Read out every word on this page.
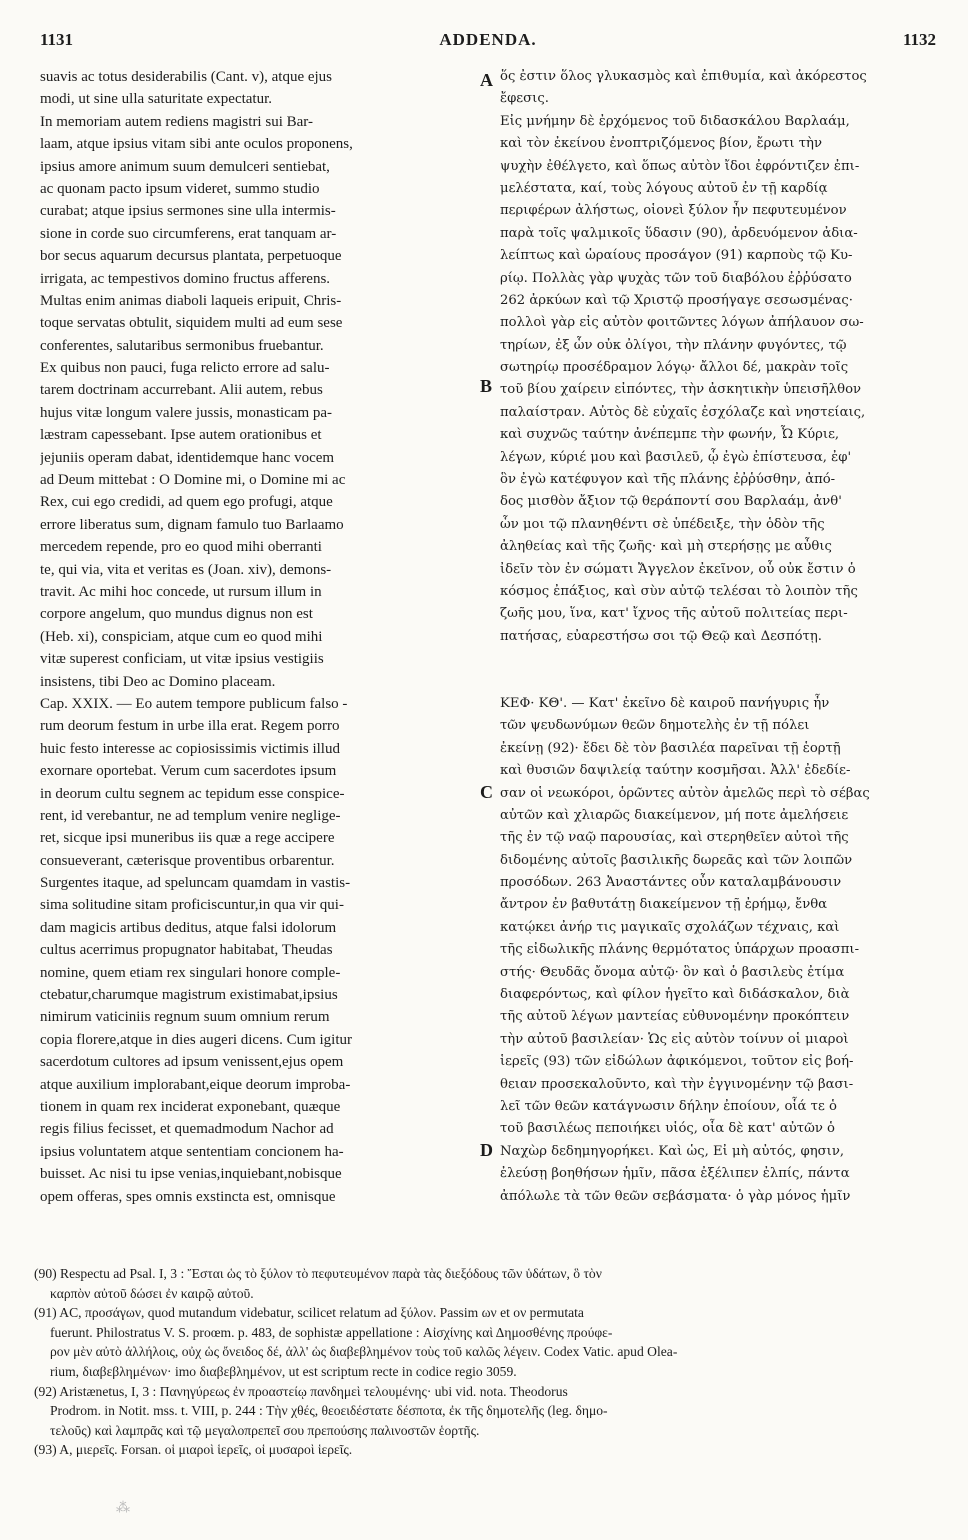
1131	ADDENDA.	1132
A
B
C
D
suavis ac totus desiderabilis (Cant. v), atque ejus
modi, ut sine ulla saturitate expectatur.
In memoriam autem rediens magistri sui Bar-
laam, atque ipsius vitam sibi ante oculos proponens,
ipsius amore animum suum demulceri sentiebat,
ac quonam pacto ipsum videret, summo studio
curabat; atque ipsius sermones sine ulla intermis-
sione in corde suo circumferens, erat tanquam ar-
bor secus aquarum decursus plantata, perpetuoque
irrigata, ac tempestivos domino fructus afferens.
Multas enim animas diaboli laqueis eripuit, Chris-
toque servatas obtulit, siquidem multi ad eum sese
conferentes, salutaribus sermonibus fruebantur.
Ex quibus non pauci, fuga relicto errore ad salu-
tarem doctrinam accurrebant. Alii autem, rebus
hujus vitæ longum valere jussis, monasticam pa-
læstram capessebant. Ipse autem orationibus et
jejuniis operam dabat, identidemque hanc vocem
ad Deum mittebat : O Domine mi, o Domine mi ac
Rex, cui ego credidi, ad quem ego profugi, atque
errore liberatus sum, dignam famulo tuo Barlaamo
mercedem repende, pro eo quod mihi oberranti
te, qui via, vita et veritas es (Joan. xiv), demons-
travit. Ac mihi hoc concede, ut rursum illum in
corpore angelum, quo mundus dignus non est
(Heb. xi), conspiciam, atque cum eo quod mihi
vitæ superest conficiam, ut vitæ ipsius vestigiis
insistens, tibi Deo ac Domino placeam.
Cap. XXIX. — Eo autem tempore publicum falso -
rum deorum festum in urbe illa erat. Regem porro
huic festo interesse ac copiosissimis victimis illud
exornare oportebat. Verum cum sacerdotes ipsum
in deorum cultu segnem ac tepidum esse conspice-
rent, id verebantur, ne ad templum venire neglige-
ret, sicque ipsi muneribus iis quæ a rege accipere
consueverant, cæterisque proventibus orbarentur.
Surgentes itaque, ad speluncam quamdam in vastis-
sima solitudine sitam proficiscuntur,in qua vir qui-
dam magicis artibus deditus, atque falsi idolorum
cultus acerrimus propugnator habitabat, Theudas
nomine, quem etiam rex singulari honore comple-
ctebatur,charumque magistrum existimabat,ipsius
nimirum vaticiniis regnum suum omnium rerum
copia florere,atque in dies augeri dicens. Cum igitur
sacerdotum cultores ad ipsum venissent,ejus opem
atque auxilium implorabant,eique deorum improba-
tionem in quam rex inciderat exponebant, quæque
regis filius fecisset, et quemadmodum Nachor ad
ipsius voluntatem atque sententiam concionem ha-
buisset. Ac nisi tu ipse venias,inquiebant,nobisque
opem offeras, spes omnis exstincta est, omnisque
ὅς ἐστιν ὅλος γλυκασμὸς καὶ ἐπιθυμία, καὶ ἀκόρεστος
ἔφεσις.
Εἰς μνήμην δὲ ἐρχόμενος τοῦ διδασκάλου Βαρλαάμ,
καὶ τὸν ἐκείνου ἐνοπτριζόμενος βίον, ἔρωτι τὴν
ψυχὴν ἐθέλγετο, καὶ ὅπως αὐτὸν ἴδοι ἐφρόντιζεν ἐπι-
μελέστατα, καί, τοὺς λόγους αὐτοῦ ἐν τῇ καρδίᾳ
περιφέρων ἀλήστως, οἱονεὶ ξύλον ἦν πεφυτευμένον
παρὰ τοῖς ψαλμικοῖς ὕδασιν (90), ἀρδευόμενον ἀδια-
λείπτως καὶ ὡραίους προσάγον (91) καρποὺς τῷ Κυ-
ρίῳ. Πολλὰς γὰρ ψυχὰς τῶν τοῦ διαβόλου ἐῤῥύσατο
262 ἀρκύων καὶ τῷ Χριστῷ προσήγαγε σεσωσμένας·
πολλοὶ γὰρ εἰς αὐτὸν φοιτῶντες λόγων ἀπήλαυον σω-
τηρίων, ἐξ ὧν οὐκ ὀλίγοι, τὴν πλάνην φυγόντες, τῷ
σωτηρίῳ προσέδραμον λόγῳ· ἄλλοι δέ, μακρὰν τοῖς
τοῦ βίου χαίρειν εἰπόντες, τὴν ἀσκητικὴν ὑπεισῆλθον
παλαίστραν. Αὐτὸς δὲ εὐχαῖς ἐσχόλαζε καὶ νηστείαις,
καὶ συχνῶς ταύτην ἀνέπεμπε τὴν φωνήν, Ὦ Κύριε,
λέγων, κύριέ μου καὶ βασιλεῦ, ᾧ ἐγὼ ἐπίστευσα, ἐφ'
ὃν ἐγὼ κατέφυγον καὶ τῆς πλάνης ἐῤῥύσθην, ἀπό-
δος μισθὸν ἄξιον τῷ θεράποντί σου Βαρλαάμ, ἀνθ'
ὧν μοι τῷ πλανηθέντι σὲ ὑπέδειξε, τὴν ὁδὸν τῆς
ἀληθείας καὶ τῆς ζωῆς· καὶ μὴ στερήσῃς με αὖθις
ἰδεῖν τὸν ἐν σώματι Ἄγγελον ἐκεῖνον, οὗ οὐκ ἔστιν ὁ
κόσμος ἐπάξιος, καὶ σὺν αὐτῷ τελέσαι τὸ λοιπὸν τῆς
ζωῆς μου, ἵνα, κατ' ἴχνος τῆς αὐτοῦ πολιτείας περι-
πατήσας, εὐαρεστήσω σοι τῷ Θεῷ καὶ Δεσπότῃ.
ΚΕΦ· ΚΘ'. — Κατ' ἐκεῖνο δὲ καιροῦ πανήγυρις ἦν
τῶν ψευδωνύμων θεῶν δημοτελὴς ἐν τῇ πόλει
ἐκείνῃ (92)· ἔδει δὲ τὸν βασιλέα παρεῖναι τῇ ἑορτῇ
καὶ θυσιῶν δαψιλείᾳ ταύτην κοσμῆσαι. Ἀλλ' ἐδεδίε-
σαν οἱ νεωκόροι, ὁρῶντες αὐτὸν ἀμελῶς περὶ τὸ σέβας
αὐτῶν καὶ χλιαρῶς διακείμενον, μή ποτε ἀμελήσειε
τῆς ἐν τῷ ναῷ παρουσίας, καὶ στερηθεῖεν αὐτοὶ τῆς
διδομένης αὐτοῖς βασιλικῆς δωρεᾶς καὶ τῶν λοιπῶν
προσόδων. 263 Ἀναστάντες οὖν καταλαμβάνουσιν
ἄντρον ἐν βαθυτάτῃ διακείμενον τῇ ἐρήμῳ, ἔνθα
κατῴκει ἀνήρ τις μαγικαῖς σχολάζων τέχναις, καὶ
τῆς εἰδωλικῆς πλάνης θερμότατος ὑπάρχων προασπι-
στής· Θευδᾶς ὄνομα αὐτῷ· ὃν καὶ ὁ βασιλεὺς ἐτίμα
διαφερόντως, καὶ φίλον ἡγεῖτο καὶ διδάσκαλον, διὰ
τῆς αὐτοῦ λέγων μαντείας εὐθυνομένην προκόπτειν
τὴν αὐτοῦ βασιλείαν· Ὡς εἰς αὐτὸν τοίνυν οἱ μιαροὶ
ἱερεῖς (93) τῶν εἰδώλων ἀφικόμενοι, τοῦτον εἰς βοή-
θειαν προσεκαλοῦντο, καὶ τὴν ἐγγινομένην τῷ βασι-
λεῖ τῶν θεῶν κατάγνωσιν δήλην ἐποίουν, οἷά τε ὁ
τοῦ βασιλέως πεποιήκει υἱός, οἷα δὲ κατ' αὐτῶν ὁ
Ναχὼρ δεδημηγορήκει. Καὶ ὡς, Εἰ μὴ αὐτός, φησιν,
ἐλεύσῃ βοηθήσων ἡμῖν, πᾶσα ἐξέλιπεν ἐλπίς, πάντα
ἀπόλωλε τὰ τῶν θεῶν σεβάσματα· ὁ γὰρ μόνος ἡμῖν
(90) Respectu ad Psal. I, 3 : Ἔσται ὡς τὸ ξύλον τὸ πεφυτευμένον παρὰ τὰς διεξόδους τῶν ὑδάτων, ὃ τὸν
καρπὸν αὐτοῦ δώσει ἐν καιρῷ αὐτοῦ.
(91) AC, προσάγων, quod mutandum videbatur, scilicet relatum ad ξύλον. Passim ων et ον permutata
fuerunt. Philostratus V. S. proœm. p. 483, de sophistæ appellatione : Αἰσχίνης καὶ Δημοσθένης προύφε-
ρον μὲν αὐτὸ ἀλλήλοις, οὐχ ὡς ὄνειδος δέ, ἀλλ' ὡς διαβεβλημένον τοὺς τοῦ καλῶς λέγειν. Codex Vatic. apud Olea-
rium, διαβεβλημένων· imo διαβεβλημένον, ut est scriptum recte in codice regio 3059.
(92) Aristænetus, I, 3 : Πανηγύρεως ἐν προαστείῳ πανδημεὶ τελουμένης· ubi vid. nota. Theodorus
Prodrom. in Notit. mss. t. VIII, p. 244 : Τὴν χθές, θεοειδέστατε δέσποτα, ἐκ τῆς δημοτελῆς (leg. δημο-
τελοῦς) καὶ λαμπρᾶς καὶ τῷ μεγαλοπρεπεῖ σου πρεπούσης παλινοστῶν ἑορτῆς.
(93) A, μιερεῖς. Forsan. οἱ μιαροὶ ἱερεῖς, οἱ μυσαροὶ ἱερεῖς.
⁂
